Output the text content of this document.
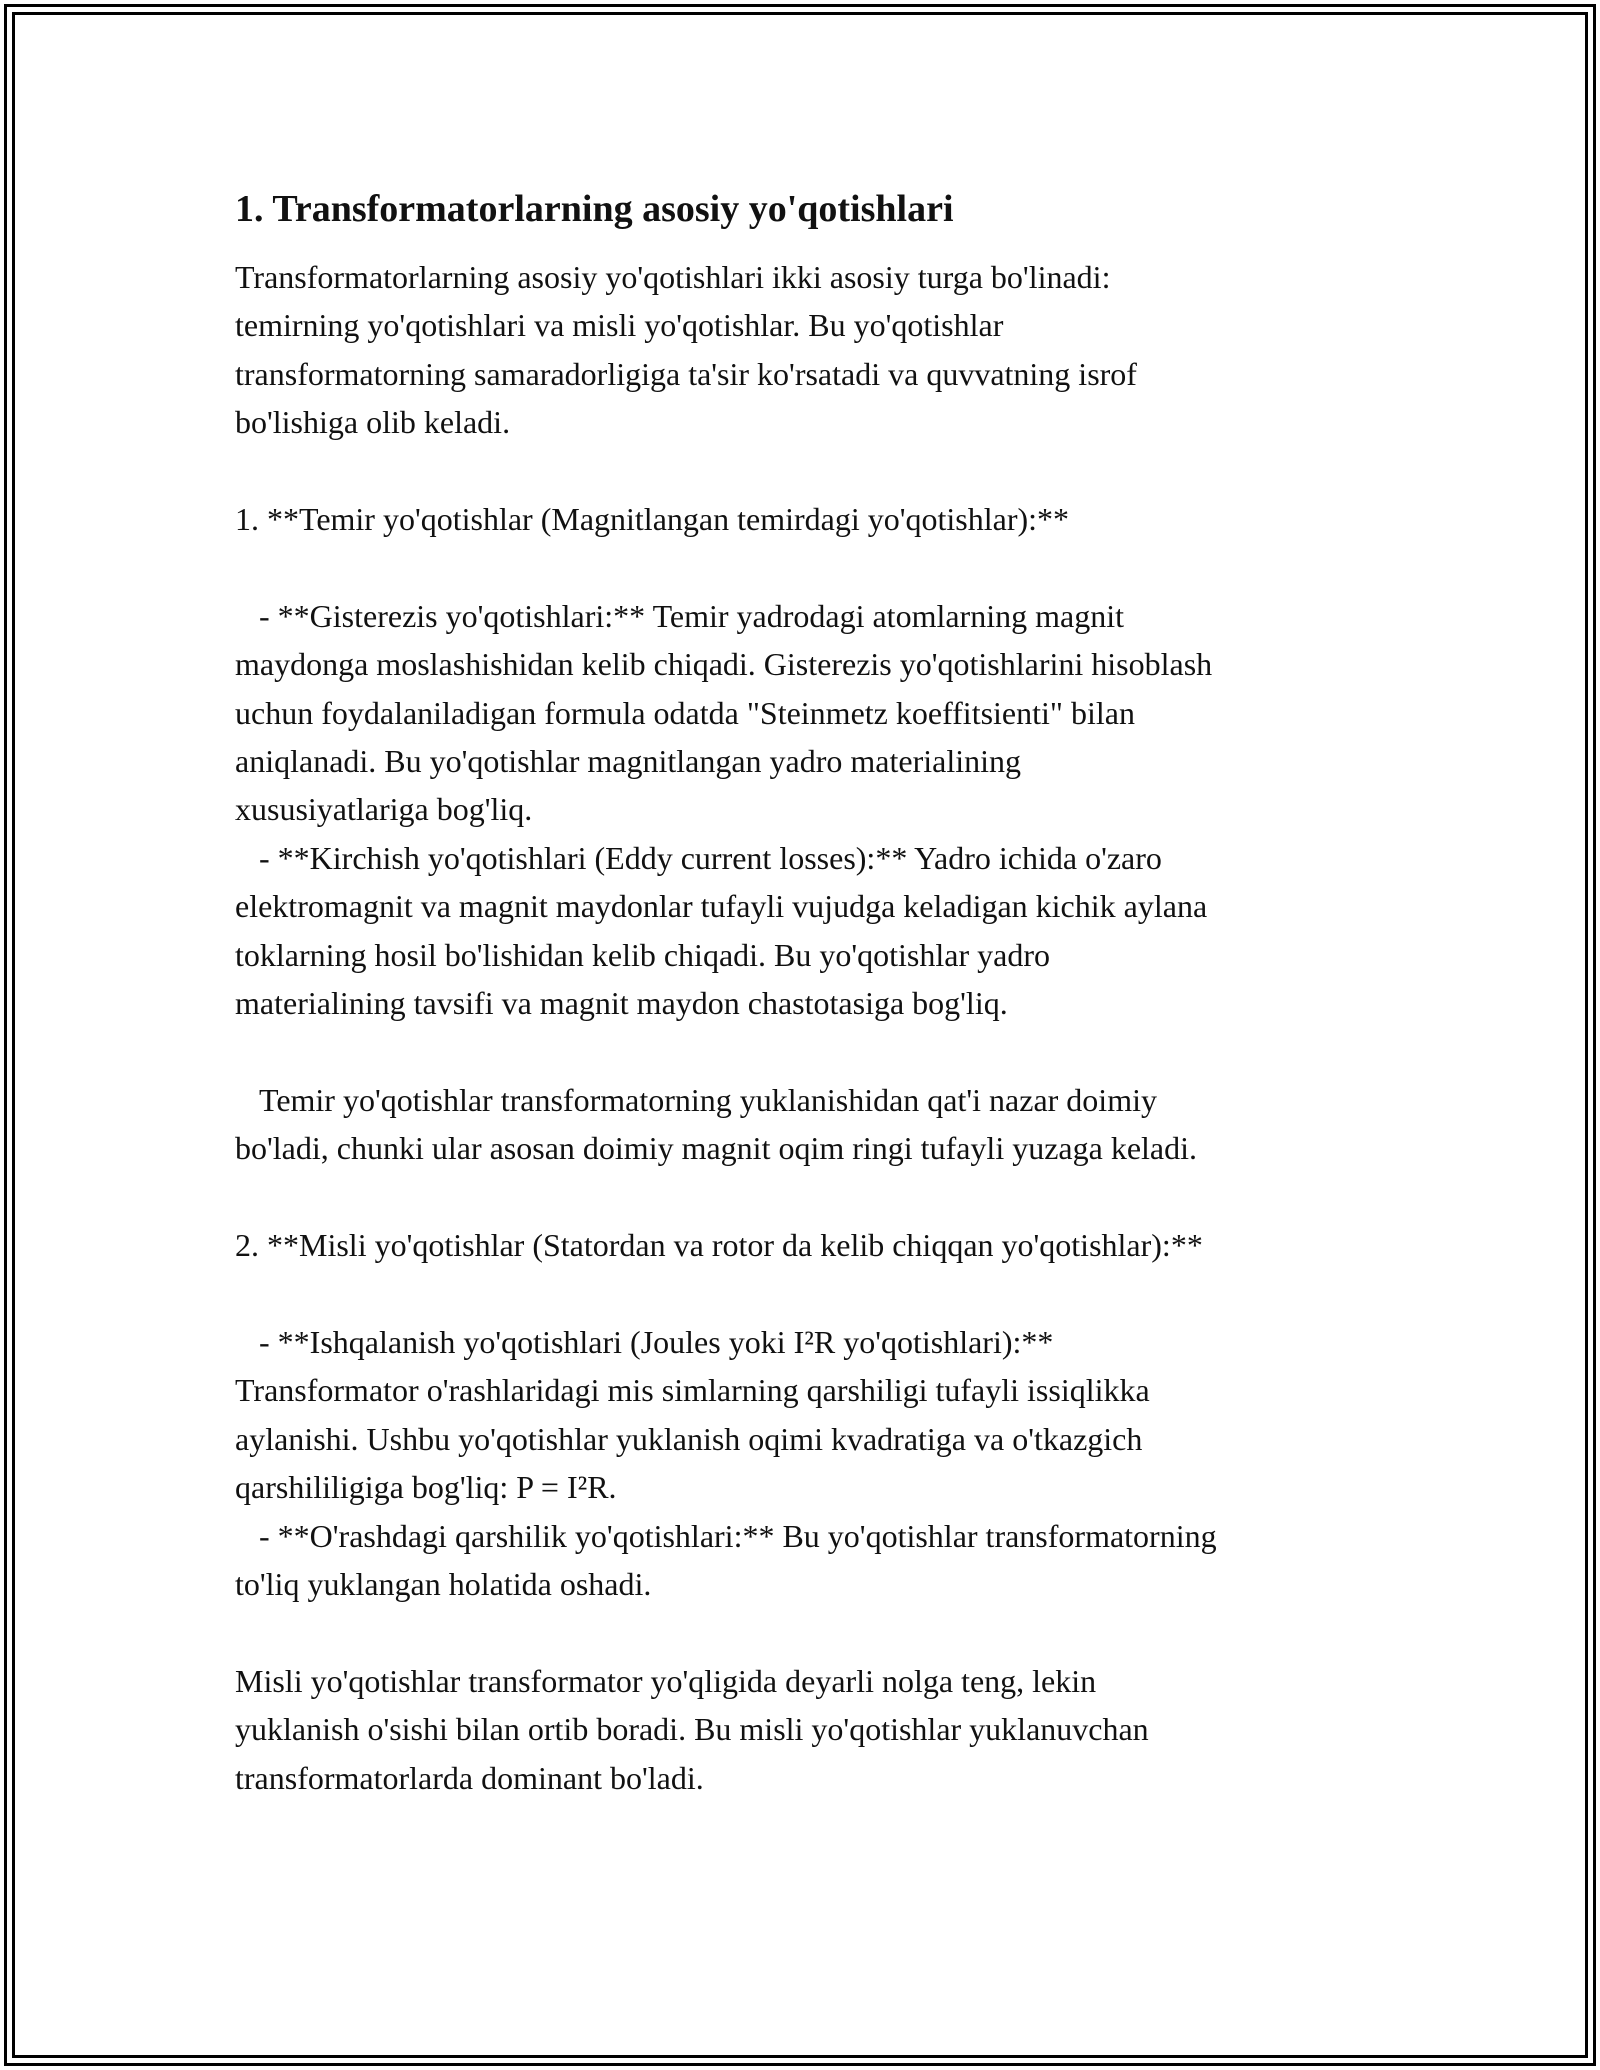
1. Transformatorlarning asosiy yo'qotishlari
Transformatorlarning asosiy yo'qotishlari ikki asosiy turga bo'linadi:
temirning yo'qotishlari va misli yo'qotishlar. Bu yo'qotishlar
transformatorning samaradorligiga ta'sir ko'rsatadi va quvvatning isrof
bo'lishiga olib keladi.

1. **Temir yo'qotishlar (Magnitlangan temirdagi yo'qotishlar):**

- **Gisterezis yo'qotishlari:** Temir yadrodagi atomlarning magnit
maydonga moslashishidan kelib chiqadi. Gisterezis yo'qotishlarini hisoblash
uchun foydalaniladigan formula odatda "Steinmetz koeffitsienti" bilan
aniqlanadi. Bu yo'qotishlar magnitlangan yadro materialining
xususiyatlariga bog'liq.
- **Kirchish yo'qotishlari (Eddy current losses):** Yadro ichida o'zaro
elektromagnit va magnit maydonlar tufayli vujudga keladigan kichik aylana
toklarning hosil bo'lishidan kelib chiqadi. Bu yo'qotishlar yadro
materialining tavsifi va magnit maydon chastotasiga bog'liq.

Temir yo'qotishlar transformatorning yuklanishidan qat'i nazar doimiy
bo'ladi, chunki ular asosan doimiy magnit oqim ringi tufayli yuzaga keladi.

2. **Misli yo'qotishlar (Statordan va rotor da kelib chiqqan yo'qotishlar):**

- **Ishqalanish yo'qotishlari (Joules yoki I²R yo'qotishlari):**
Transformator o'rashlaridagi mis simlarning qarshiligi tufayli issiqlikka
aylanishi. Ushbu yo'qotishlar yuklanish oqimi kvadratiga va o'tkazgich
qarshililigiga bog'liq: P = I²R.
- **O'rashdagi qarshilik yo'qotishlari:** Bu yo'qotishlar transformatorning
to'liq yuklangan holatida oshadi.

Misli yo'qotishlar transformator yo'qligida deyarli nolga teng, lekin
yuklanish o'sishi bilan ortib boradi. Bu misli yo'qotishlar yuklanuvchan
transformatorlarda dominant bo'ladi.
